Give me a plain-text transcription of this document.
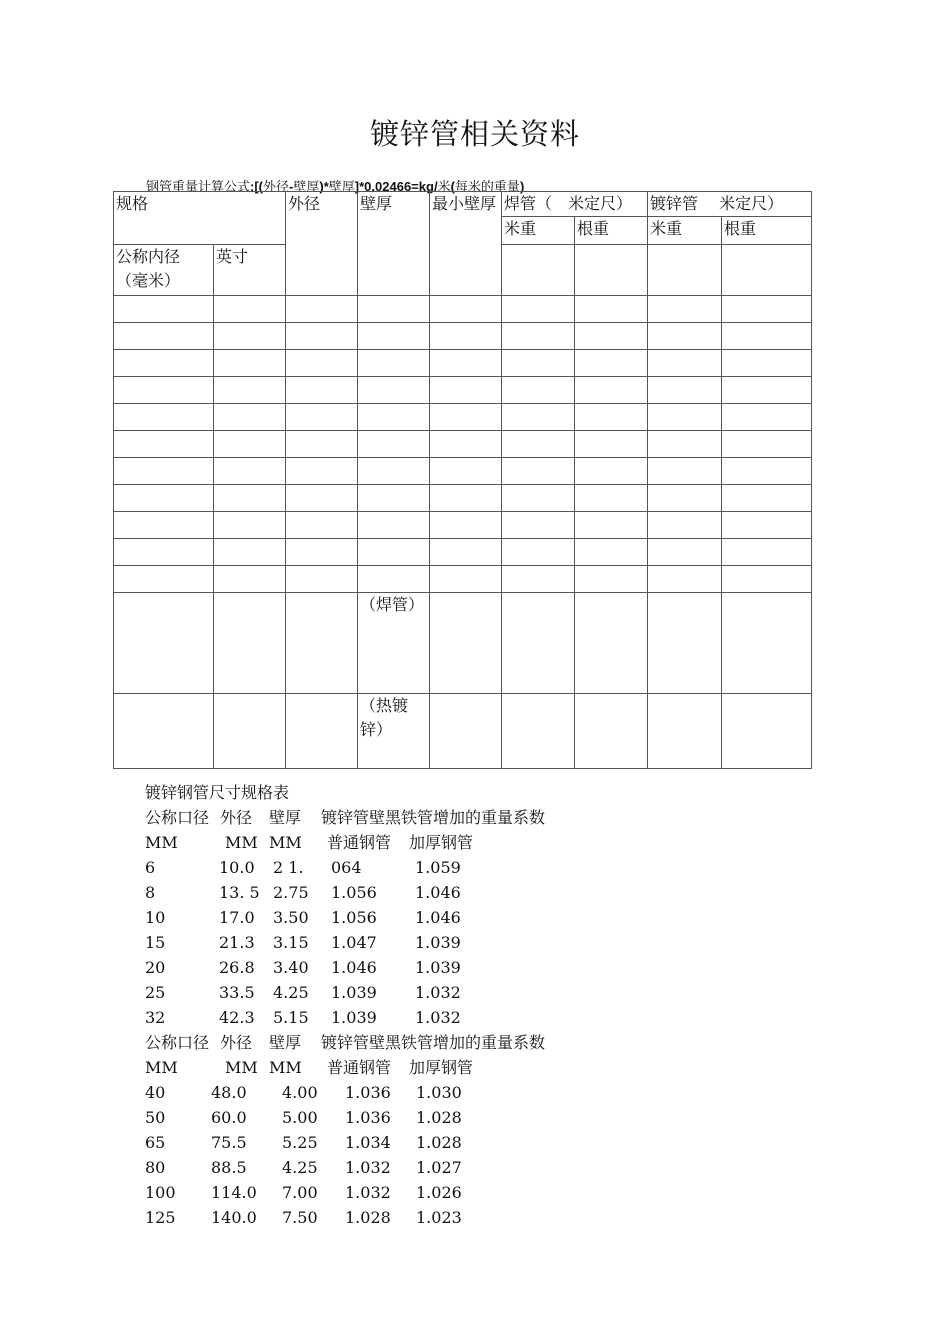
镀锌管相关资料
钢管重量计算公式:[(外径-壁厚)*壁厚]*0.02466=kg/米(每米的重量)
规格		外径	壁厚	最小壁厚	焊管（　米定尺）		镀锌管　 米定尺）	
					米重	根重	米重	根重
公称内径（毫米）	英寸							

			（焊管）					
			（热镀锌）					
镀锌钢管尺寸规格表
公称口径 外径 壁厚 镀锌管壁黑铁管增加的重量系数
MM	MM MM 普通钢管 加厚钢管
6	10.0 2 1. 064	1.059
8	13. 5 2.75 1.056 1.046
10	17.0 3.50 1.056 1.046
15	21.3 3.15 1.047 1.039
20	26.8 3.40 1.046 1.039
25	33.5 4.25 1.039 1.032
32	42.3 5.15 1.039 1.032
公称口径 外径 壁厚 镀锌管壁黑铁管增加的重量系数
MM	MM MM 普通钢管 加厚钢管
40	48.0 4.00 1.036 1.030
50	60.0 5.00 1.036 1.028
65	75.5 5.25 1.034 1.028
80	88.5 4.25 1.032 1.027
100 114.0 7.00 1.032 1.026
125 140.0 7.50 1.028 1.023
